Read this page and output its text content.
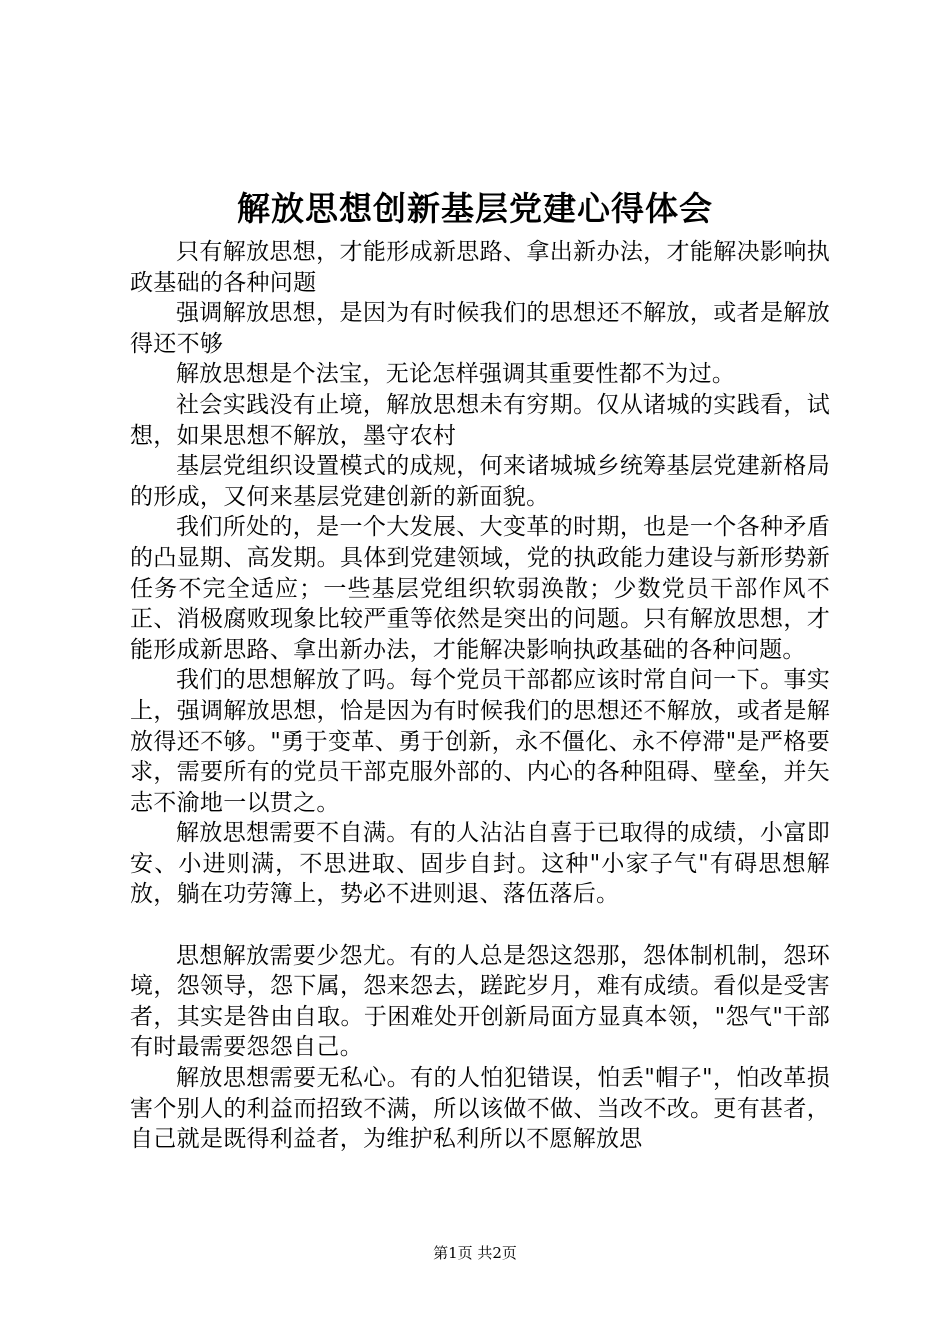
解放思想创新基层党建心得体会

只有解放思想，才能形成新思路、拿出新办法，才能解决影响执政基础的各种问题

强调解放思想，是因为有时候我们的思想还不解放，或者是解放得还不够

解放思想是个法宝，无论怎样强调其重要性都不为过。

社会实践没有止境，解放思想未有穷期。仅从诸城的实践看，试想，如果思想不解放，墨守农村

基层党组织设置模式的成规，何来诸城城乡统筹基层党建新格局的形成，又何来基层党建创新的新面貌。

我们所处的，是一个大发展、大变革的时期，也是一个各种矛盾的凸显期、高发期。具体到党建领域，党的执政能力建设与新形势新任务不完全适应；一些基层党组织软弱涣散；少数党员干部作风不正、消极腐败现象比较严重等依然是突出的问题。只有解放思想，才能形成新思路、拿出新办法，才能解决影响执政基础的各种问题。

我们的思想解放了吗。每个党员干部都应该时常自问一下。事实上，强调解放思想，恰是因为有时候我们的思想还不解放，或者是解放得还不够。"勇于变革、勇于创新，永不僵化、永不停滞"是严格要求，需要所有的党员干部克服外部的、内心的各种阻碍、壁垒，并矢志不渝地一以贯之。

解放思想需要不自满。有的人沾沾自喜于已取得的成绩，小富即安、小进则满，不思进取、固步自封。这种"小家子气"有碍思想解放，躺在功劳簿上，势必不进则退、落伍落后。

思想解放需要少怨尤。有的人总是怨这怨那，怨体制机制，怨环境，怨领导，怨下属，怨来怨去，蹉跎岁月，难有成绩。看似是受害者，其实是咎由自取。于困难处开创新局面方显真本领，"怨气"干部有时最需要怨怨自己。

解放思想需要无私心。有的人怕犯错误，怕丢"帽子"，怕改革损害个别人的利益而招致不满，所以该做不做、当改不改。更有甚者，自己就是既得利益者，为维护私利所以不愿解放思

第1页 共2页
